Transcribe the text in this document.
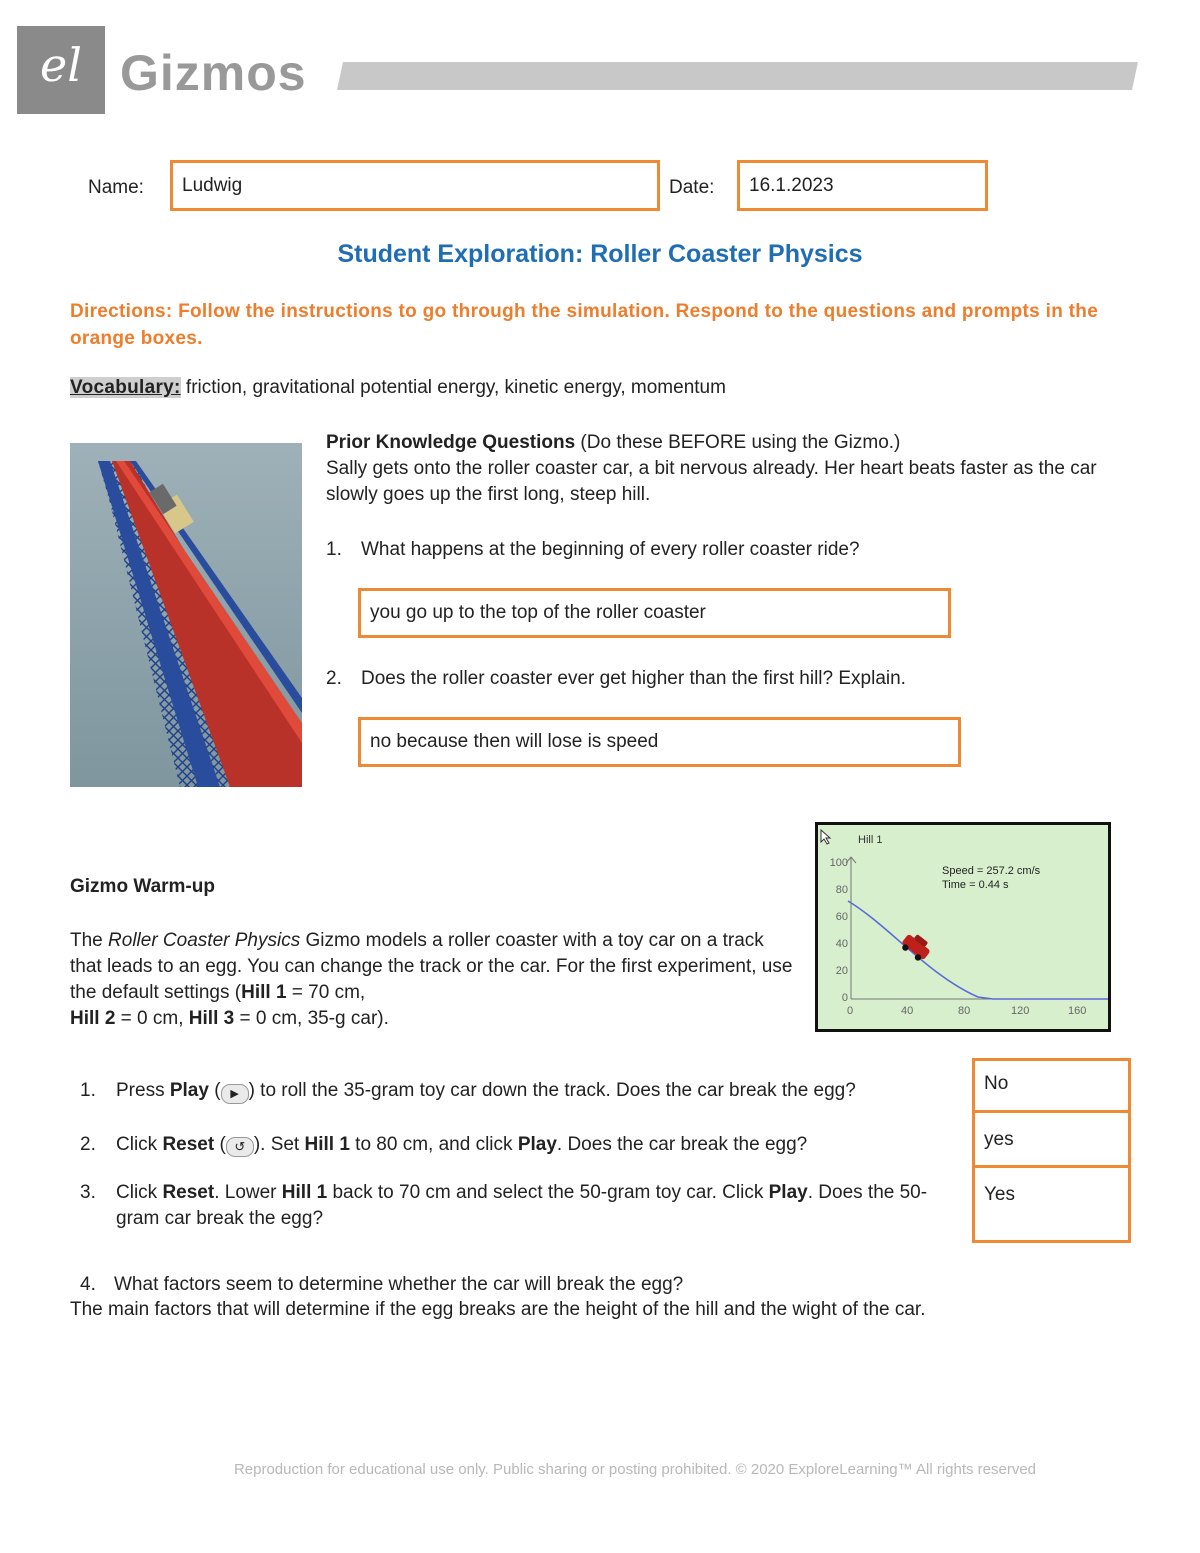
el Gizmos
Name:	Ludwig	Date:	16.1.2023
Student Exploration: Roller Coaster Physics
Directions: Follow the instructions to go through the simulation. Respond to the questions and prompts in the orange boxes.
Vocabulary: friction, gravitational potential energy, kinetic energy, momentum
Prior Knowledge Questions (Do these BEFORE using the Gizmo.)
Sally gets onto the roller coaster car, a bit nervous already. Her heart beats faster as the car slowly goes up the first long, steep hill.
1. What happens at the beginning of every roller coaster ride?
you go up to the top of the roller coaster
2. Does the roller coaster ever get higher than the first hill? Explain.
no because then will lose is speed
Hill 1
Speed = 257.2 cm/s
Time = 0.44 s
100
80
60
40
20
0
0	40	80	120	160
Gizmo Warm-up
The Roller Coaster Physics Gizmo models a roller coaster with a toy car on a track that leads to an egg. You can change the track or the car. For the first experiment, use the default settings (Hill 1 = 70 cm,
Hill 2 = 0 cm, Hill 3 = 0 cm, 35-g car).
1. Press Play ( ▶ ) to roll the 35-gram toy car down the track. Does the car break the egg?
2. Click Reset ( ↺ ). Set Hill 1 to 80 cm, and click Play. Does the car break the egg?
3. Click Reset. Lower Hill 1 back to 70 cm and select the 50-gram toy car. Click Play. Does the 50-gram car break the egg?
No
yes
Yes
4. What factors seem to determine whether the car will break the egg?
The main factors that will determine if the egg breaks are the height of the hill and the wight of the car.
Reproduction for educational use only. Public sharing or posting prohibited. © 2020 ExploreLearning™ All rights reserved
